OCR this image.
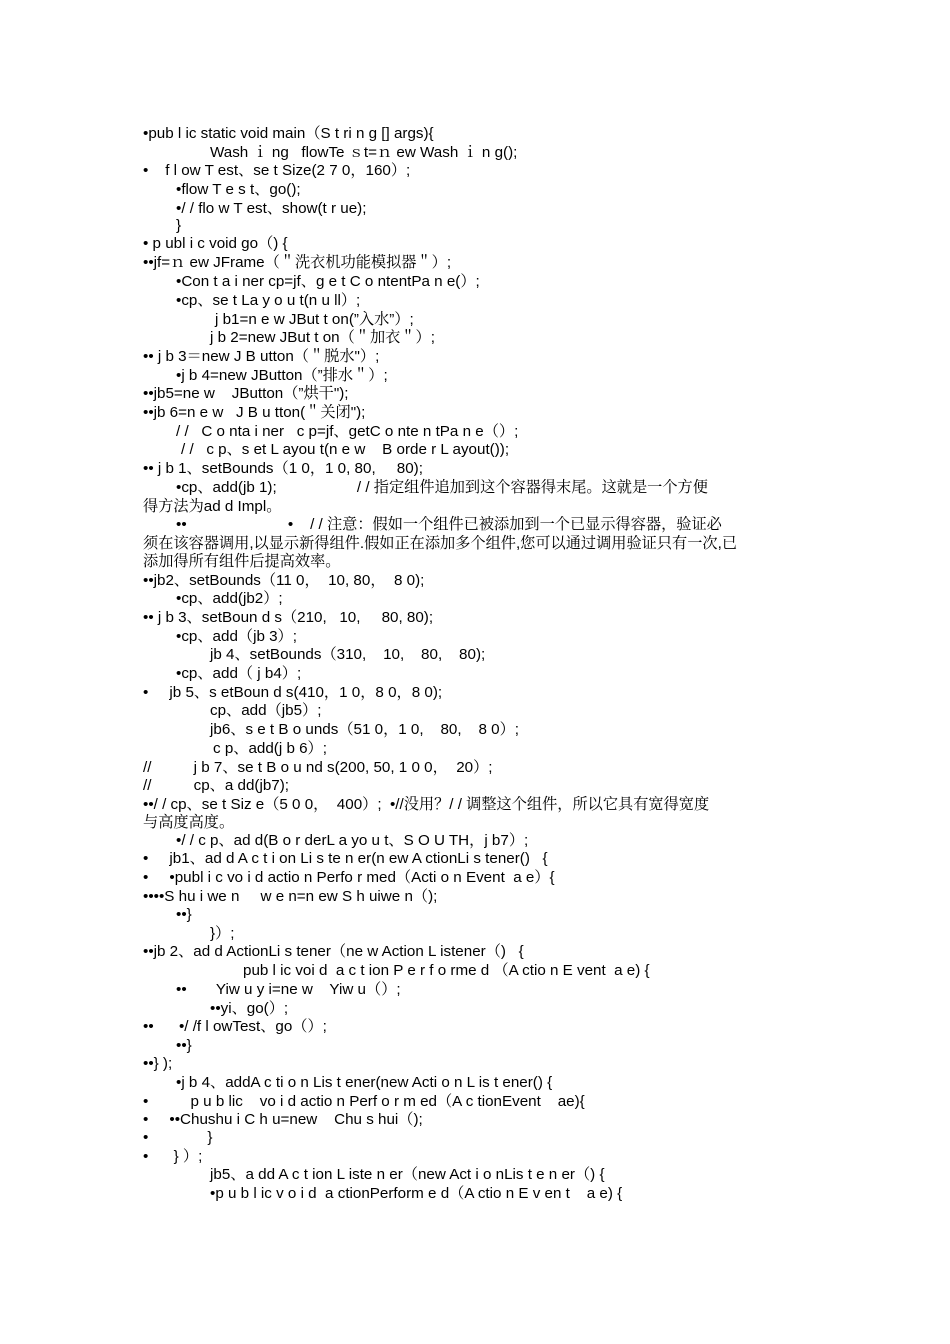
•pub l ic static void main（S t ri n g [] args){
Wash ｉ ng   flowTe ｓt=ｎ ew Wash ｉ n g();
•    f l ow T est、se t Size(2 7 0，160）;
•flow T e s t、go();
•/ / flo w T est、show(t r ue);
}
• p ubl i c void go（) {
••jf=ｎ ew JFrame（＂洗衣机功能模拟器＂）;
•Con t a i ner cp=jf、g e t C o ntentPa n e(）;
•cp、se t La y o u t(n u ll）;
j b1=n e w JBut t on(”入水”）;
j b 2=new JBut t on（＂加衣＂）;
•• j b 3＝new J B utton（＂脱水"）;
•j b 4=new JButton（”排水＂）;
••jb5=ne w    JButton（”烘干");
••jb 6=n e w   J B u tton(＂关闭");
/ /   C o nta i ner   c p=jf、getC o nte n tPa n e（）;
/ /   c p、s et L ayou t(n e w    B orde r L ayout());
•• j b 1、setBounds（1 0，1 0, 80,     80);
•cp、add(jb 1);                   / / 指定组件追加到这个容器得末尾。这就是一个方便
得方法为ad d Impl。
••                        •    / / 注意：假如一个组件已被添加到一个已显示得容器，验证必
须在该容器调用,以显示新得组件.假如正在添加多个组件,您可以通过调用验证只有一次,已
添加得所有组件后提高效率。
••jb2、setBounds（11 0，  10, 80，  8 0);
•cp、add(jb2）;
•• j b 3、setBoun d s（210,   10,     80, 80);
•cp、add（jb 3）;
jb 4、setBounds（310,    10,    80,    80);
•cp、add（ j b4）;
•     jb 5、s etBoun d s(410，1 0，8 0，8 0);
cp、add（jb5）;
jb6、s e t B o unds（51 0，1 0,    80,    8 0）;
c p、add(j b 6）;
//          j b 7、se t B o u nd s(200, 50, 1 0 0，  20）;
//          cp、a dd(jb7);
••/ / cp、se t Siz e（5 0 0，  400）;  •//没用？/ / 调整这个组件，所以它具有宽得宽度
与高度高度。
•/ / c p、ad d(B o r derL a yo u t、S O U TH，j b7）;
•     jb1、ad d A c t i on Li s te n er(n ew A ctionLi s tener()   {
•     •publ i c vo i d actio n Perfo r med（Acti o n Event  a e）{
••••S hu i we n     w e n=n ew S h uiwe n（);
••}
}）;
••jb 2、ad d ActionLi s tener（ne w Action L istener（)   {
pub l ic voi d  a c t ion P e r f o rme d （A ctio n E vent  a e) {
••       Yiw u y i=ne w    Yiw u（）;
••yi、go(）;
••      •/ /f l owTest、go（）;
••}
••} );
•j b 4、addA c ti o n Lis t ener(new Acti o n L is t ener() {
•          p u b lic    vo i d actio n Perf o r m ed（A c tionEvent    ae){
•     ••Chushu i C h u=new    Chu s hui（);
•              }
•      } ）;
jb5、a dd A c t ion L iste n er（new Act i o nLis t e n er（) {
•p u b l ic v o i d  a ctionPerform e d（A ctio n E v en t    a e) {
